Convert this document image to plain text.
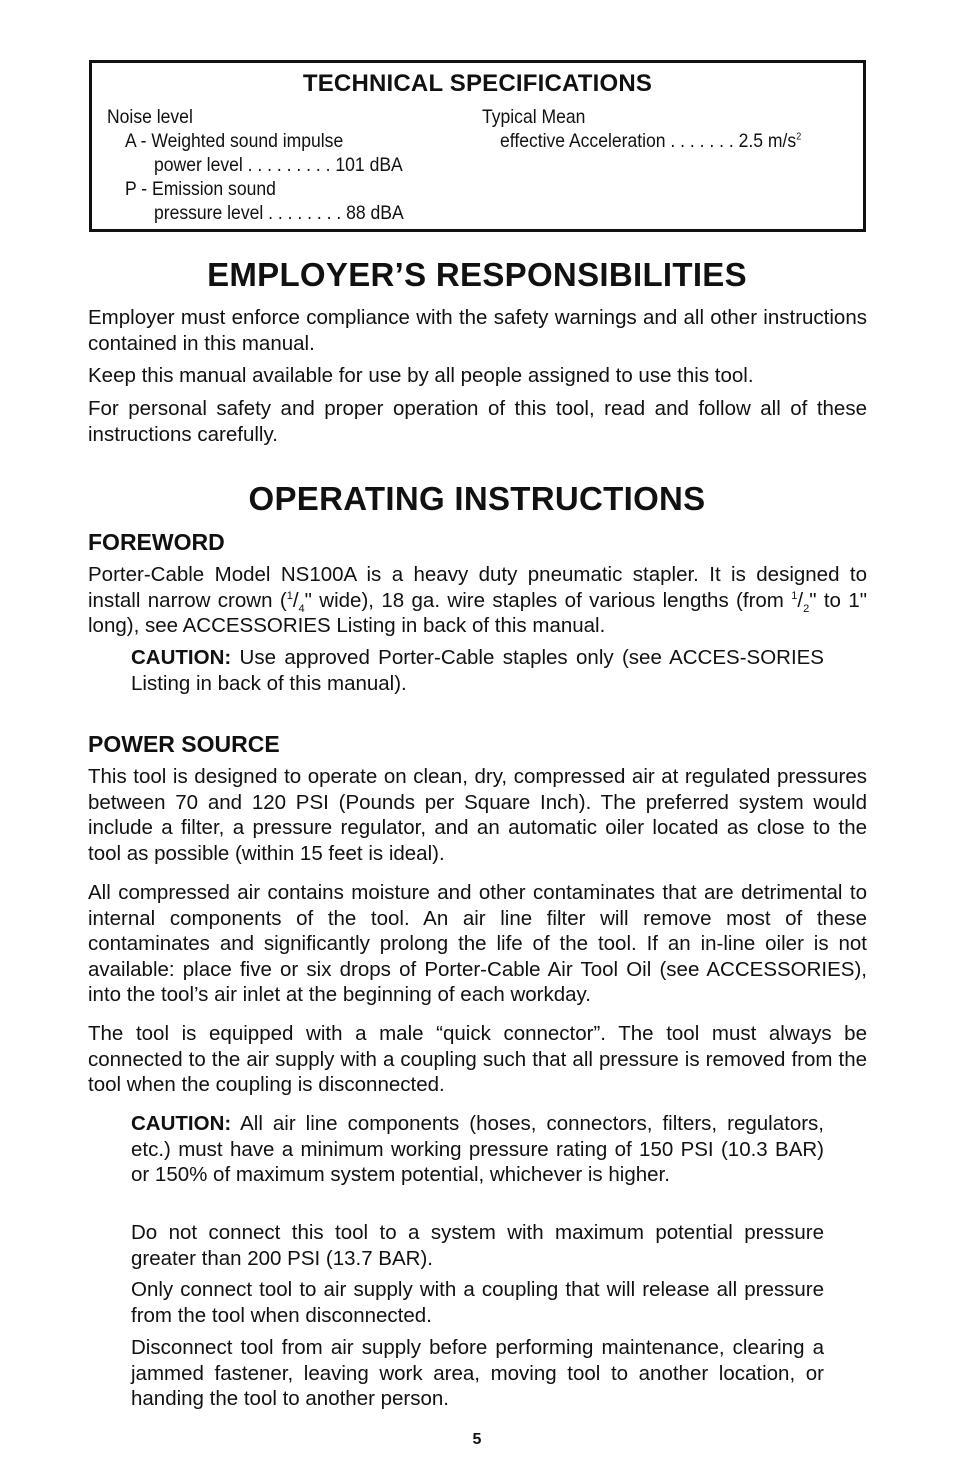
TECHNICAL SPECIFICATIONS
Noise level
A - Weighted sound impulse
power level . . . . . . . . . 101 dBA
P - Emission sound
pressure level . . . . . . . . 88 dBA
Typical Mean
effective Acceleration . . . . . . . 2.5 $m/s^2$
EMPLOYER’S RESPONSIBILITIES

Employer must enforce compliance with the safety warnings and all other instructions contained in this manual.

Keep this manual available for use by all people assigned to use this tool.

For personal safety and proper operation of this tool, read and follow all of these instructions carefully.

OPERATING INSTRUCTIONS
FOREWORD

Porter-Cable Model NS100A is a heavy duty pneumatic stapler. It is designed to install narrow crown ($^1/_4$" wide), 18 ga. wire staples of various lengths (from $^1/_2$" to 1" long), see ACCESSORIES Listing in back of this manual.

CAUTION: Use approved Porter-Cable staples only (see ACCES-SORIES Listing in back of this manual).

POWER SOURCE

This tool is designed to operate on clean, dry, compressed air at regulated pressures between 70 and 120 PSI (Pounds per Square Inch). The preferred system would include a filter, a pressure regulator, and an automatic oiler located as close to the tool as possible (within 15 feet is ideal).

All compressed air contains moisture and other contaminates that are detrimental to internal components of the tool. An air line filter will remove most of these contaminates and significantly prolong the life of the tool. If an in-line oiler is not available: place five or six drops of Porter-Cable Air Tool Oil (see ACCESSORIES), into the tool’s air inlet at the beginning of each workday.

The tool is equipped with a male “quick connector”. The tool must always be connected to the air supply with a coupling such that all pressure is removed from the tool when the coupling is disconnected.

CAUTION: All air line components (hoses, connectors, filters, regulators, etc.) must have a minimum working pressure rating of 150 PSI (10.3 BAR) or 150% of maximum system potential, whichever is higher.

Do not connect this tool to a system with maximum potential pressure greater than 200 PSI (13.7 BAR).

Only connect tool to air supply with a coupling that will release all pressure from the tool when disconnected.

Disconnect tool from air supply before performing maintenance, clearing a jammed fastener, leaving work area, moving tool to another location, or handing the tool to another person.

5
